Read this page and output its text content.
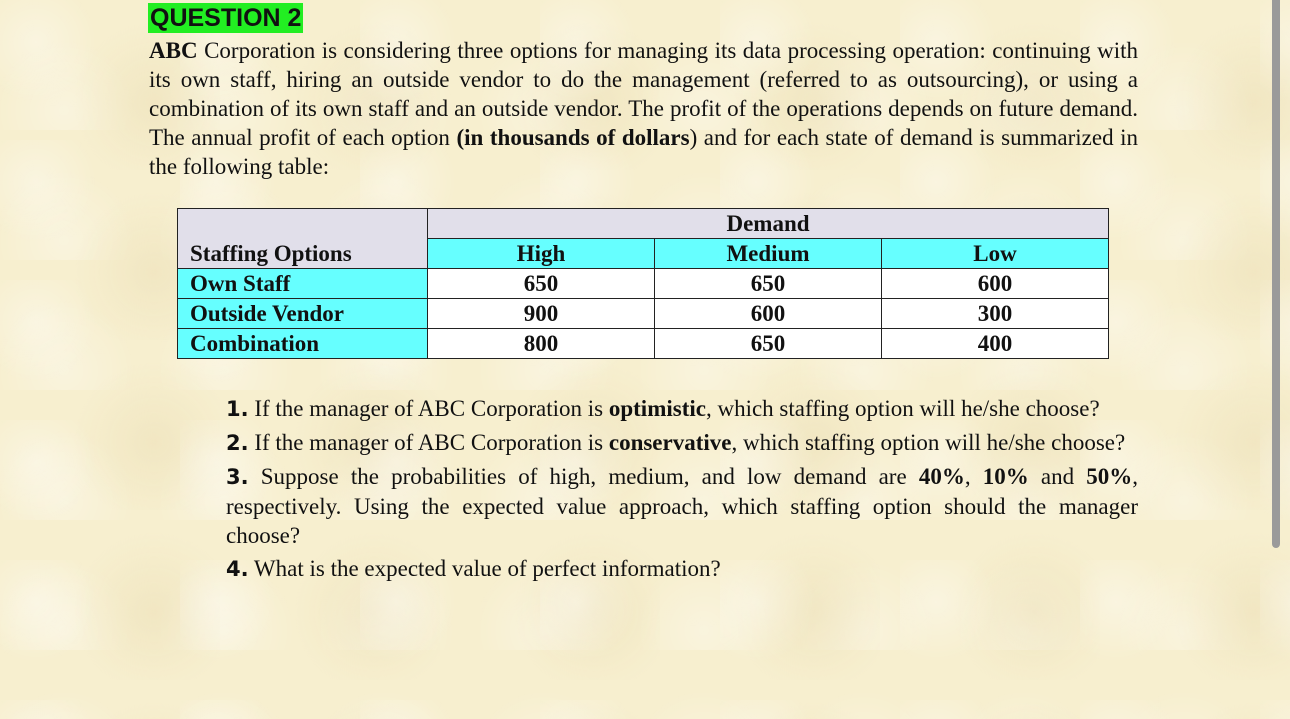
QUESTION 2
ABC Corporation is considering three options for managing its data processing operation: continuing with its own staff, hiring an outside vendor to do the management (referred to as outsourcing), or using a combination of its own staff and an outside vendor. The profit of the operations depends on future demand. The annual profit of each option (in thousands of dollars) and for each state of demand is summarized in the following table:
Staffing Options	Demand		
	High	Medium	Low
Own Staff	650	650	600
Outside Vendor	900	600	300
Combination	800	650	400

1. If the manager of ABC Corporation is optimistic, which staffing option will he/she choose?

2. If the manager of ABC Corporation is conservative, which staffing option will he/she choose?

3. Suppose the probabilities of high, medium, and low demand are 40%, 10% and 50%, respectively. Using the expected value approach, which staffing option should the manager choose?

4. What is the expected value of perfect information?
